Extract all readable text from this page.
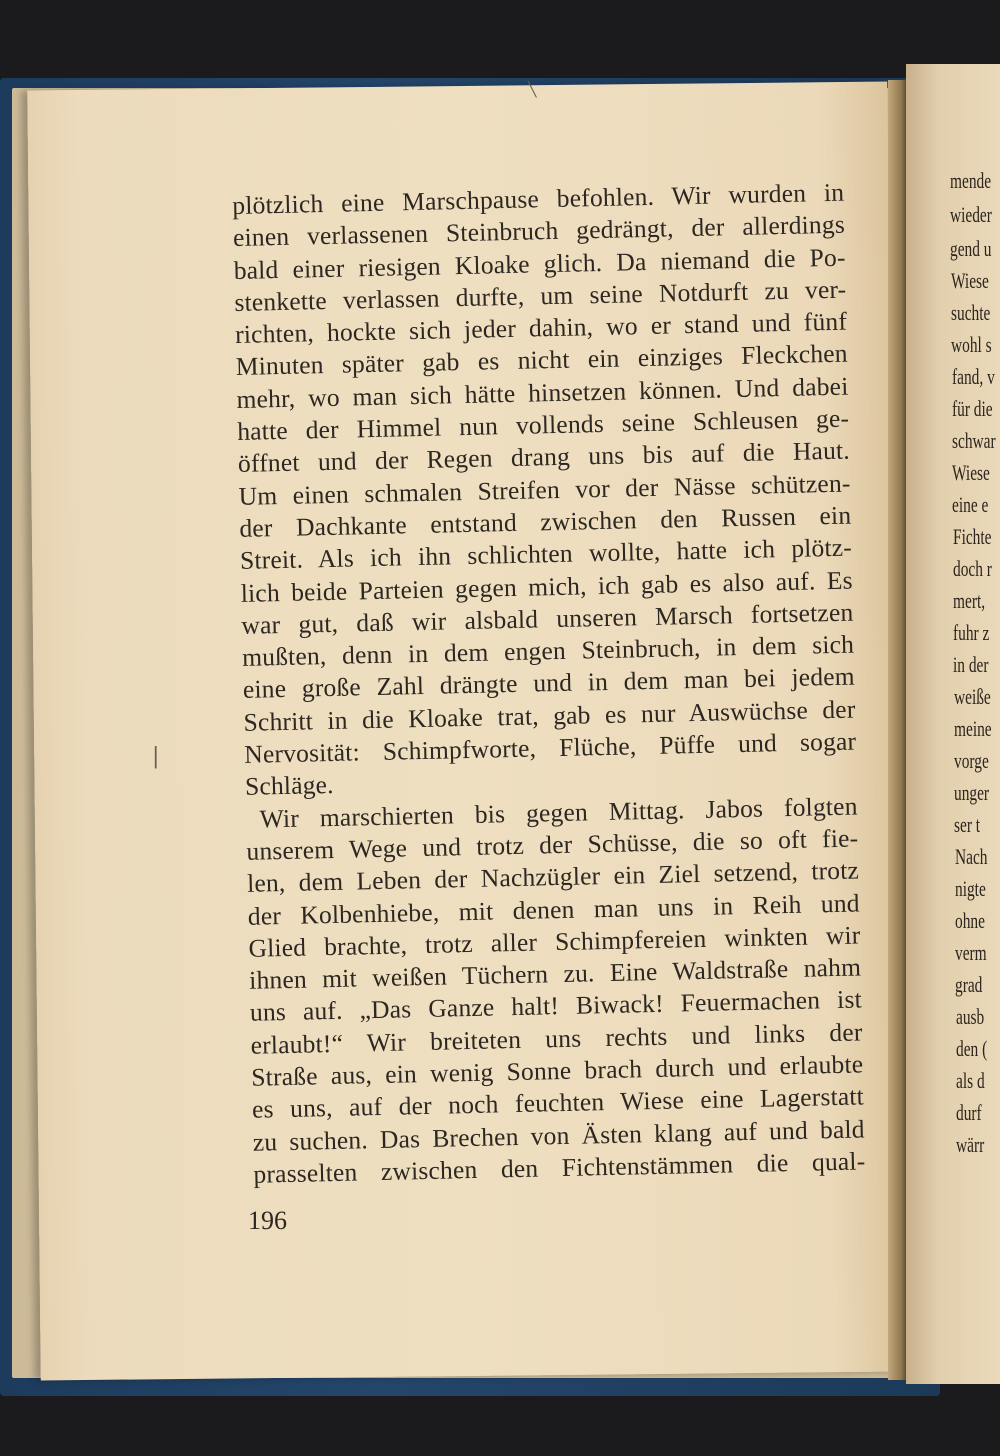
plötzlich eine Marschpause befohlen. Wir wurden in
einen verlassenen Steinbruch gedrängt, der allerdings
bald einer riesigen Kloake glich. Da niemand die Po-
stenkette verlassen durfte, um seine Notdurft zu ver-
richten, hockte sich jeder dahin, wo er stand und fünf
Minuten später gab es nicht ein einziges Fleckchen
mehr, wo man sich hätte hinsetzen können. Und dabei
hatte der Himmel nun vollends seine Schleusen ge-
öffnet und der Regen drang uns bis auf die Haut.
Um einen schmalen Streifen vor der Nässe schützen-
der Dachkante entstand zwischen den Russen ein
Streit. Als ich ihn schlichten wollte, hatte ich plötz-
lich beide Parteien gegen mich, ich gab es also auf. Es
war gut, daß wir alsbald unseren Marsch fortsetzen
mußten, denn in dem engen Steinbruch, in dem sich
eine große Zahl drängte und in dem man bei jedem
Schritt in die Kloake trat, gab es nur Auswüchse der
Nervosität: Schimpfworte, Flüche, Püffe und sogar
Schläge.
Wir marschierten bis gegen Mittag. Jabos folgten
unserem Wege und trotz der Schüsse, die so oft fie-
len, dem Leben der Nachzügler ein Ziel setzend, trotz
der Kolbenhiebe, mit denen man uns in Reih und
Glied brachte, trotz aller Schimpfereien winkten wir
ihnen mit weißen Tüchern zu. Eine Waldstraße nahm
uns auf. „Das Ganze halt! Biwack! Feuermachen ist
erlaubt!“ Wir breiteten uns rechts und links der
Straße aus, ein wenig Sonne brach durch und erlaubte
es uns, auf der noch feuchten Wiese eine Lagerstatt
zu suchen. Das Brechen von Ästen klang auf und bald
prasselten zwischen den Fichtenstämmen die qual-
196
╲
|
mende
wieder
gend u
Wiese
suchte
wohl s
fand, v
für die
schwar
Wiese
eine e
Fichte
doch r
mert,
fuhr z
in der
weiße
meine
vorge
unger
ser t
Nach
nigte
ohne
verm
grad
ausb
den (
als d
durf
wärr
